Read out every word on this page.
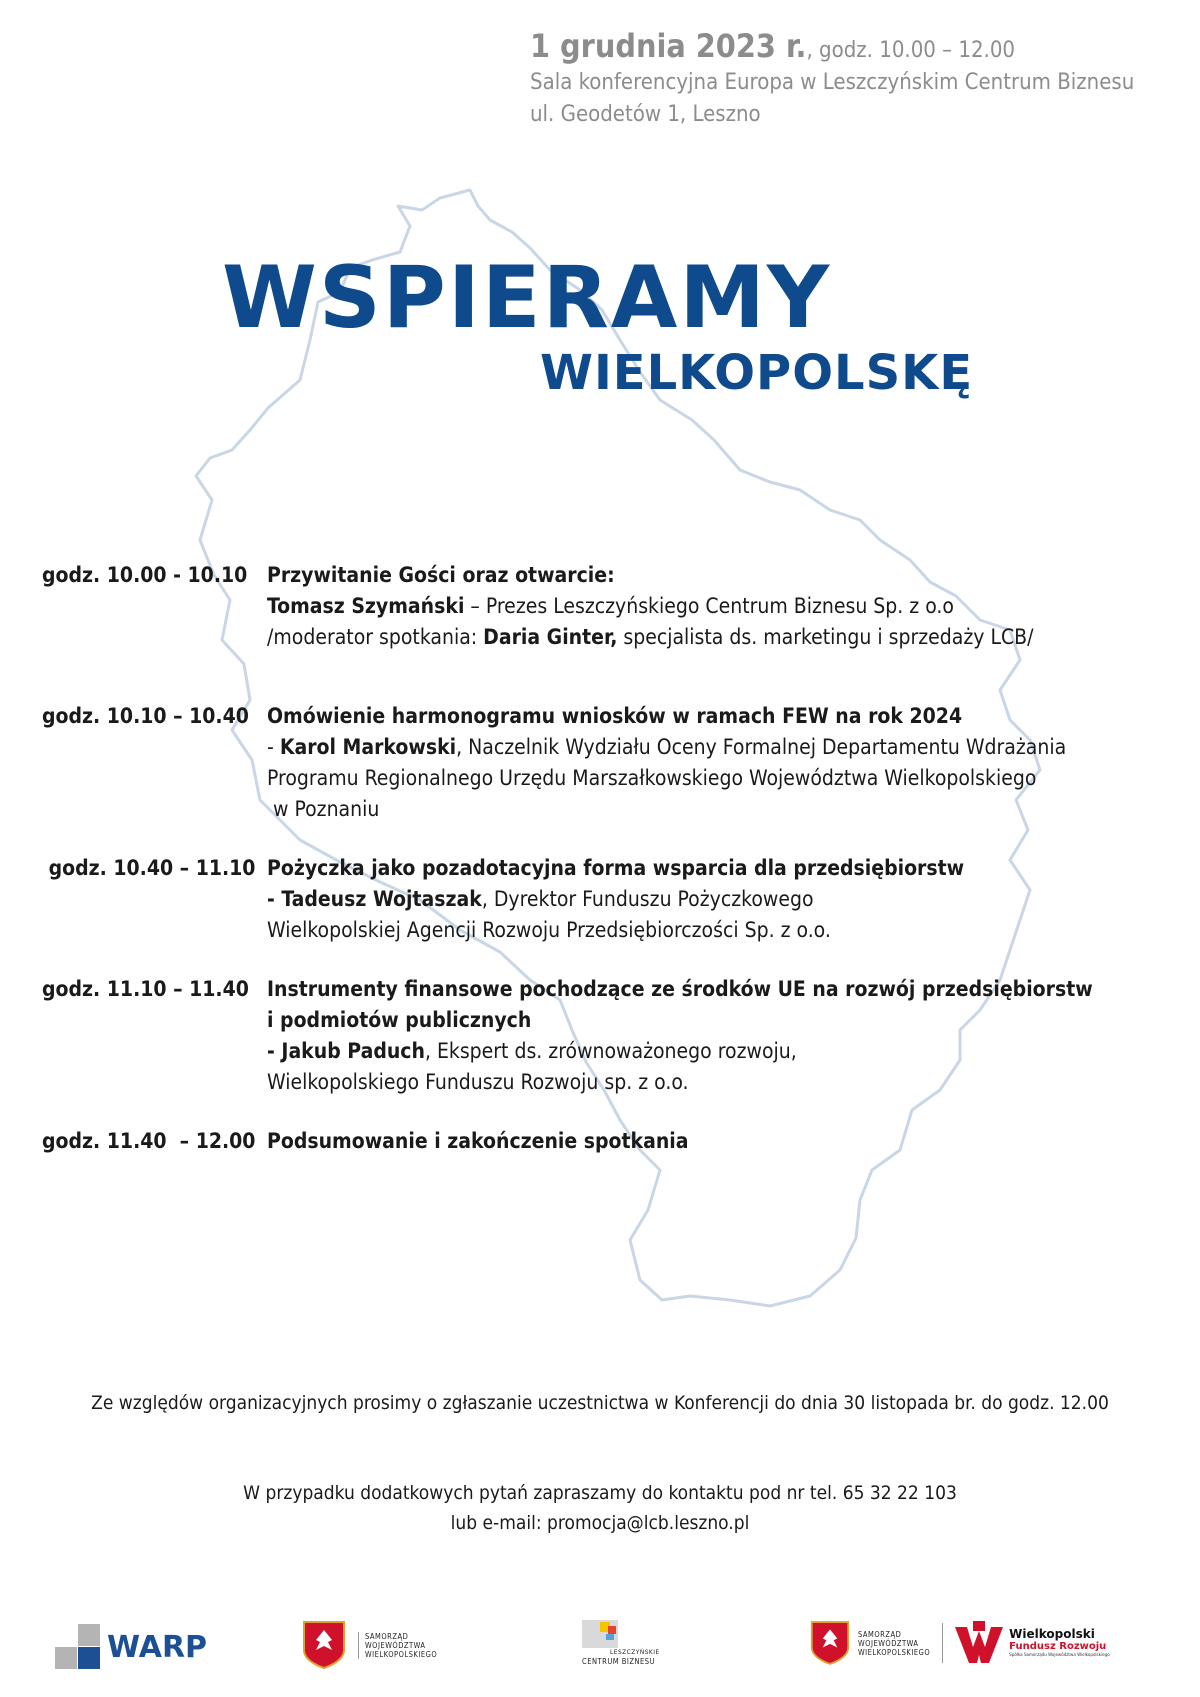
1 grudnia 2023 r., godz. 10.00 – 12.00
Sala konferencyjna Europa w Leszczyńskim Centrum Biznesu
ul. Geodetów 1, Leszno
WSPIERAMY
WIELKOPOLSKĘ
godz. 10.00 - 10.10 Przywitanie Gości oraz otwarcie:
Tomasz Szymański – Prezes Leszczyńskiego Centrum Biznesu Sp. z o.o
/moderator spotkania: Daria Ginter, specjalista ds. marketingu i sprzedaży LCB/
godz. 10.10 – 10.40 Omówienie harmonogramu wniosków w ramach FEW na rok 2024
- Karol Markowski, Naczelnik Wydziału Oceny Formalnej Departamentu Wdrażania
Programu Regionalnego Urzędu Marszałkowskiego Województwa Wielkopolskiego
w Poznaniu
godz. 10.40 – 11.10 Pożyczka jako pozadotacyjna forma wsparcia dla przedsiębiorstw
- Tadeusz Wojtaszak, Dyrektor Funduszu Pożyczkowego
Wielkopolskiej Agencji Rozwoju Przedsiębiorczości Sp. z o.o.
godz. 11.10 – 11.40 Instrumenty finansowe pochodzące ze środków UE na rozwój przedsiębiorstw
i podmiotów publicznych
- Jakub Paduch, Ekspert ds. zrównoważonego rozwoju,
Wielkopolskiego Funduszu Rozwoju sp. z o.o.
godz. 11.40  – 12.00 Podsumowanie i zakończenie spotkania
Ze względów organizacyjnych prosimy o zgłaszanie uczestnictwa w Konferencji do dnia 30 listopada br. do godz. 12.00
W przypadku dodatkowych pytań zapraszamy do kontaktu pod nr tel. 65 32 22 103
lub e-mail: promocja@lcb.leszno.pl
WARP	SAMORZĄD
WOJEWÓDZTWA
WIELKOPOLSKIEGO	LESZCZYŃSKIE
CENTRUM BIZNESU
SAMORZĄD
WOJEWÓDZTWA
WIELKOPOLSKIEGO
Wielkopolski
Fundusz Rozwoju
Spółka Samorządu Województwa Wielkopolskiego
